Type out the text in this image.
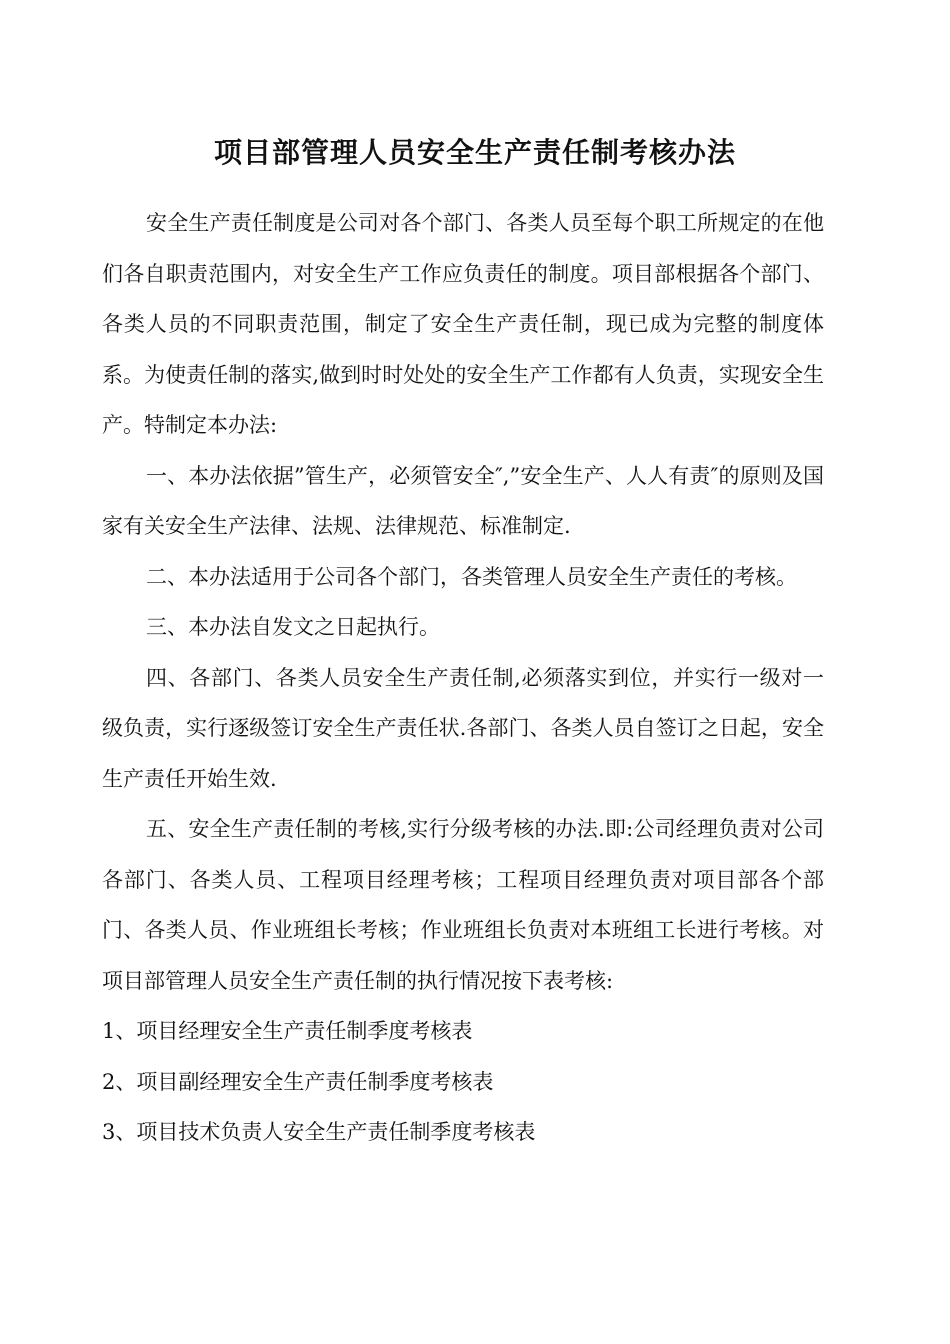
项目部管理人员安全生产责任制考核办法

安全生产责任制度是公司对各个部门、各类人员至每个职工所规定的在他们各自职责范围内，对安全生产工作应负责任的制度。项目部根据各个部门、各类人员的不同职责范围，制定了安全生产责任制，现已成为完整的制度体系。为使责任制的落实,做到时时处处的安全生产工作都有人负责，实现安全生产。特制定本办法:

一、本办法依据”管生产，必须管安全″,”安全生产、人人有责″的原则及国家有关安全生产法律、法规、法律规范、标准制定.

二、本办法适用于公司各个部门，各类管理人员安全生产责任的考核。

三、本办法自发文之日起执行。

四、各部门、各类人员安全生产责任制,必须落实到位，并实行一级对一级负责，实行逐级签订安全生产责任状.各部门、各类人员自签订之日起，安全生产责任开始生效.

五、安全生产责任制的考核,实行分级考核的办法.即:公司经理负责对公司各部门、各类人员、工程项目经理考核；工程项目经理负责对项目部各个部门、各类人员、作业班组长考核；作业班组长负责对本班组工长进行考核。对项目部管理人员安全生产责任制的执行情况按下表考核:

1、项目经理安全生产责任制季度考核表

2、项目副经理安全生产责任制季度考核表

3、项目技术负责人安全生产责任制季度考核表
